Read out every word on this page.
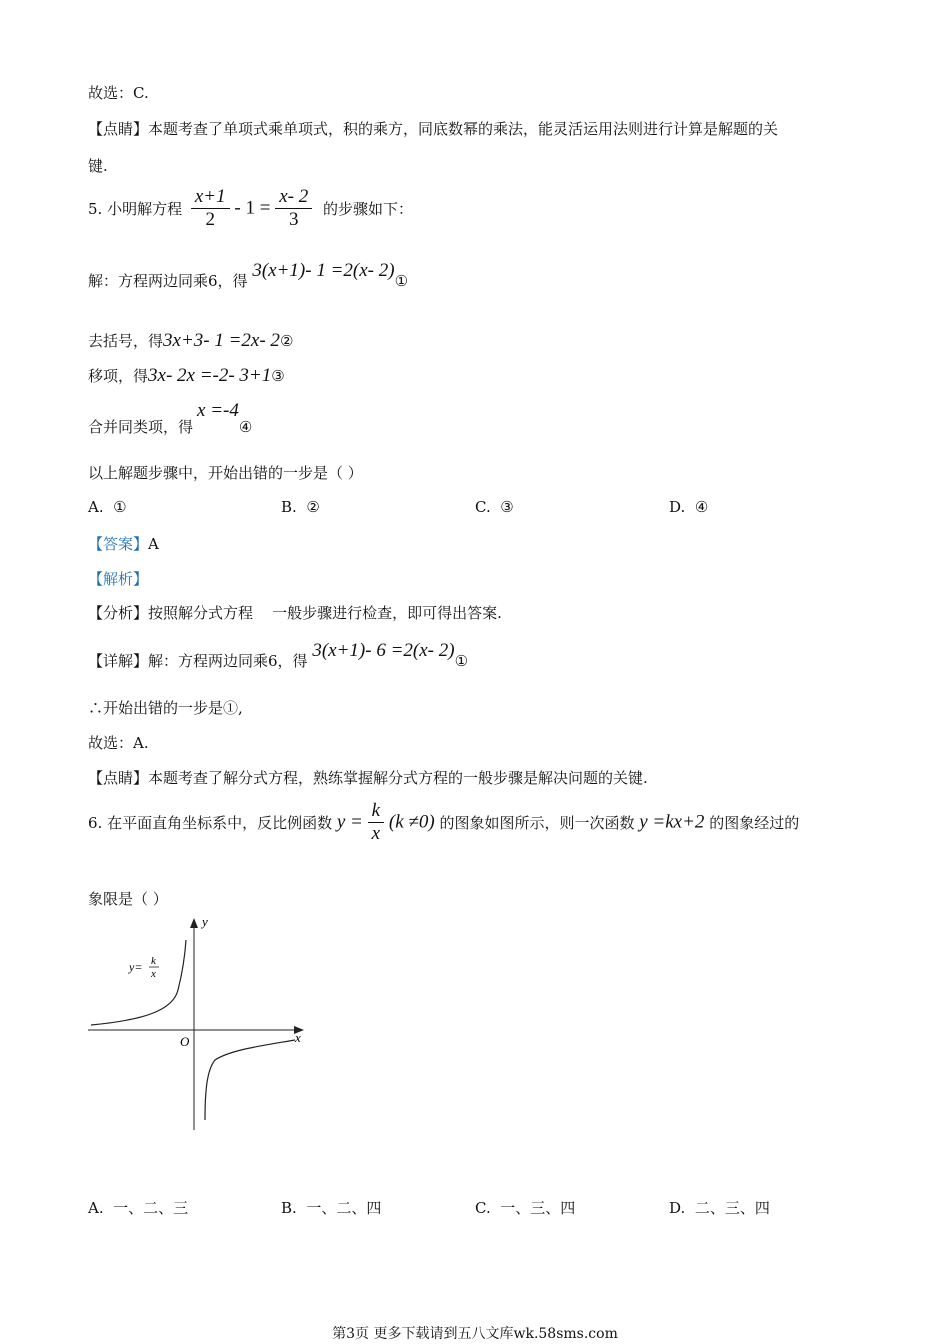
故选：C.
【点睛】本题考查了单项式乘单项式，积的乘方，同底数幂的乘法，能灵活运用法则进行计算是解题的关
键.
5. 小明解方程 $\frac{x+1}{2} - 1 = \frac{x- 2}{3}$ 的步骤如下：
解：方程两边同乘6，得 3(x+1)- 1 =2(x- 2)①
去括号，得3x+3- 1 =2x- 2②
移项，得3x- 2x =-2- 3+1③
合并同类项，得x =-4④
以上解题步骤中，开始出错的一步是（ ）
A. ①	B. ②	C. ③	D. ④
【答案】A
【解析】
【分析】按照解分式方程    一般步骤进行检查，即可得出答案.
【详解】解：方程两边同乘6，得 3(x+1)- 6 =2(x- 2)①
∴开始出错的一步是①,
故选：A.
【点睛】本题考查了解分式方程，熟练掌握解分式方程的一般步骤是解决问题的关键.
6. 在平面直角坐标系中，反比例函数 $y = \frac{k}{x} (k \ne 0)$ 的图象如图所示，则一次函数 y =kx+2 的图象经过的
象限是（ ）
y
x
O
y= k
x
A. 一、二、三	B. 一、二、四	C. 一、三、四	D. 二、三、四
第3页 更多下载请到五八文库wk.58sms.com
